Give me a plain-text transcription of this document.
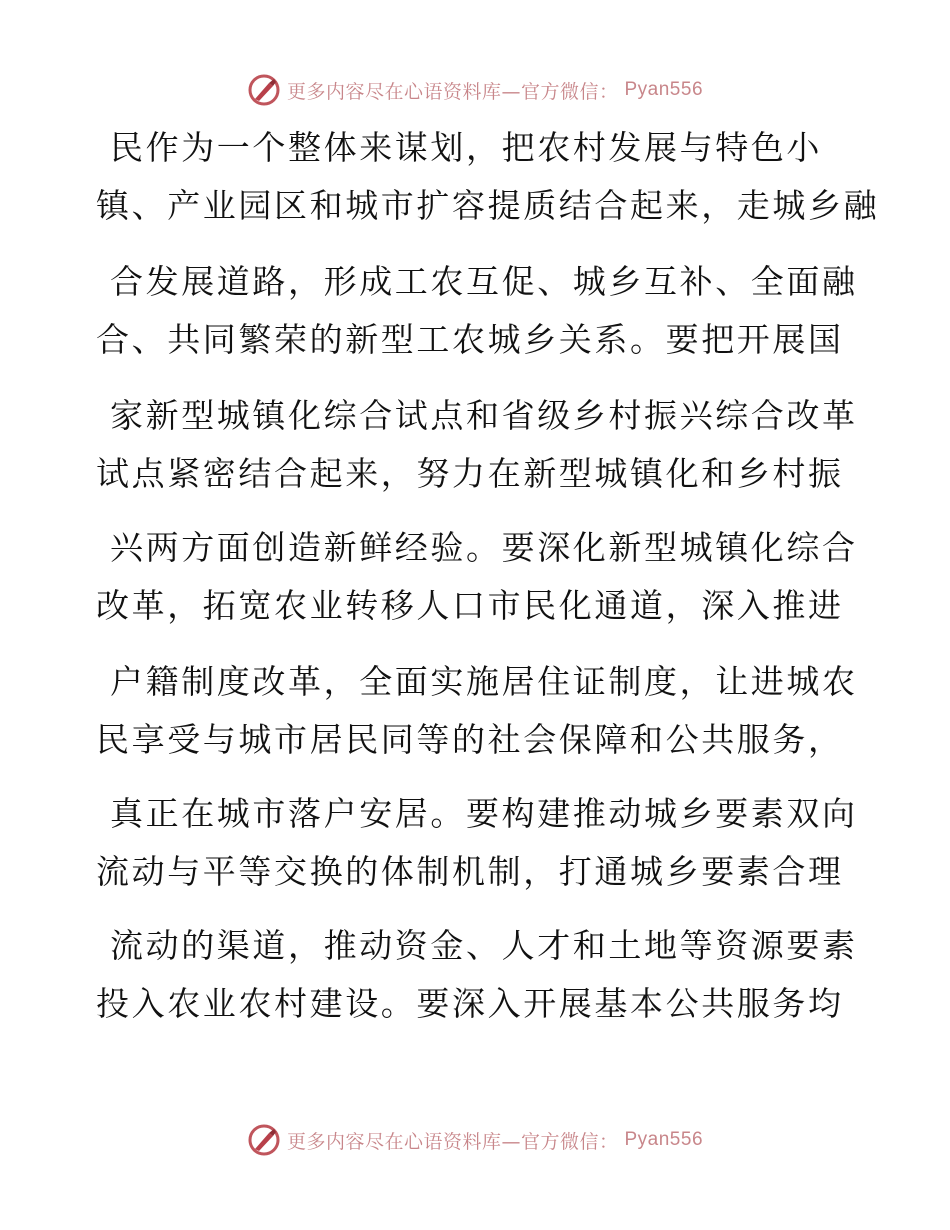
更多内容尽在心语资料库—官方微信： Pyan556
民作为一个整体来谋划，把农村发展与特色小
镇、产业园区和城市扩容提质结合起来，走城乡融
合发展道路，形成工农互促、城乡互补、全面融
合、共同繁荣的新型工农城乡关系。要把开展国
家新型城镇化综合试点和省级乡村振兴综合改革
试点紧密结合起来，努力在新型城镇化和乡村振
兴两方面创造新鲜经验。要深化新型城镇化综合
改革，拓宽农业转移人口市民化通道，深入推进
户籍制度改革，全面实施居住证制度，让进城农
民享受与城市居民同等的社会保障和公共服务，
真正在城市落户安居。要构建推动城乡要素双向
流动与平等交换的体制机制，打通城乡要素合理
流动的渠道，推动资金、人才和土地等资源要素
投入农业农村建设。要深入开展基本公共服务均
更多内容尽在心语资料库—官方微信： Pyan556
